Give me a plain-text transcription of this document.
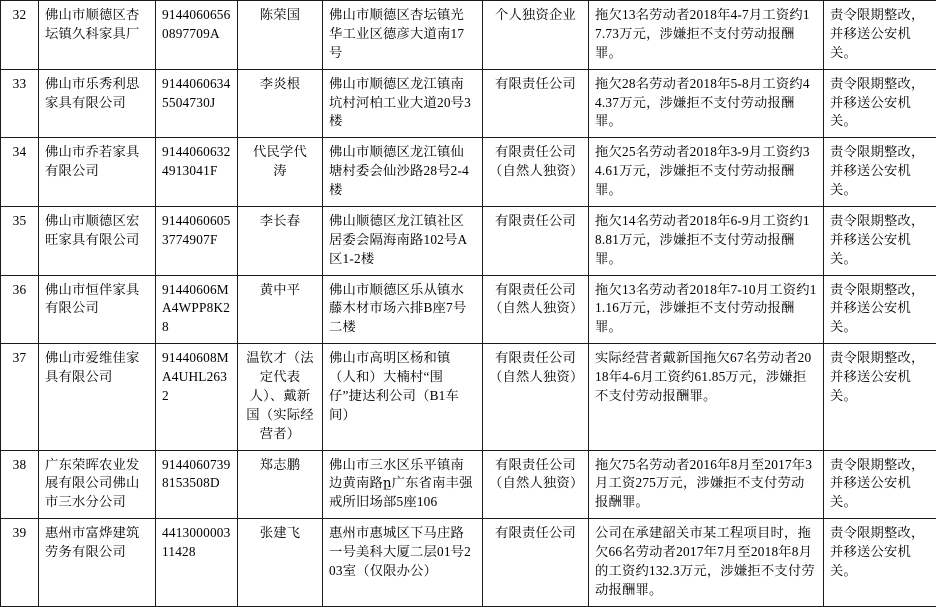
32	佛山市顺德区杏坛镇久科家具厂	91440606560897709A	陈荣国	佛山市顺德区杏坛镇光华工业区德彦大道南17号	个人独资企业	拖欠13名劳动者2018年4-7月工资约17.73万元，涉嫌拒不支付劳动报酬罪。	责令限期整改，并移送公安机关。
33	佛山市乐秀利思家具有限公司	91440606345504730J	李炎根	佛山市顺德区龙江镇南坑村河柏工业大道20号3楼	有限责任公司	拖欠28名劳动者2018年5-8月工资约44.37万元，涉嫌拒不支付劳动报酬罪。	责令限期整改，并移送公安机关。
34	佛山市乔若家具有限公司	91440606324913041F	代民学代　涛	佛山市顺德区龙江镇仙塘村委会仙沙路28号2-4楼	有限责任公司（自然人独资）	拖欠25名劳动者2018年3-9月工资约34.61万元，涉嫌拒不支付劳动报酬罪。	责令限期整改，并移送公安机关。
35	佛山市顺德区宏旺家具有限公司	91440606053774907F	李长春	佛山顺德区龙江镇社区居委会隔海南路102号A区1-2楼	有限责任公司	拖欠14名劳动者2018年6-9月工资约18.81万元，涉嫌拒不支付劳动报酬罪。	责令限期整改，并移送公安机关。
36	佛山市恒伴家具有限公司	91440606MA4WPP8K28	黄中平	佛山市顺德区乐从镇水藤木材市场六排B座7号二楼	有限责任公司（自然人独资）	拖欠13名劳动者2018年7-10月工资约11.16万元，涉嫌拒不支付劳动报酬罪。	责令限期整改，并移送公安机关。
37	佛山市爱维佳家具有限公司	91440608MA4UHL2632	温钦才（法定代表人）、戴新国（实际经营者）	佛山市高明区杨和镇（人和）大楠村“围仔”捷达利公司（B1车间）	有限责任公司（自然人独资）	实际经营者戴新国拖欠67名劳动者2018年4-6月工资约61.85万元，涉嫌拒不支付劳动报酬罪。	责令限期整改，并移送公安机关。
38	广东荣晖农业发展有限公司佛山市三水分公司	91440607398153508D	郑志鹏	佛山市三水区乐平镇南边黄南路ը广东省南丰强戒所旧场部5座106	有限责任公司（自然人独资）	拖欠75名劳动者2016年8月至2017年3月工资275万元，涉嫌拒不支付劳动报酬罪。	责令限期整改，并移送公安机关。
39	惠州市富烨建筑劳务有限公司	441300000311428	张建飞	惠州市惠城区下马庄路一号美科大厦二层01号203室（仅限办公）	有限责任公司	公司在承建韶关市某工程项目时，拖欠66名劳动者2017年7月至2018年8月的工资约132.3万元，涉嫌拒不支付劳动报酬罪。	责令限期整改，并移送公安机关。
